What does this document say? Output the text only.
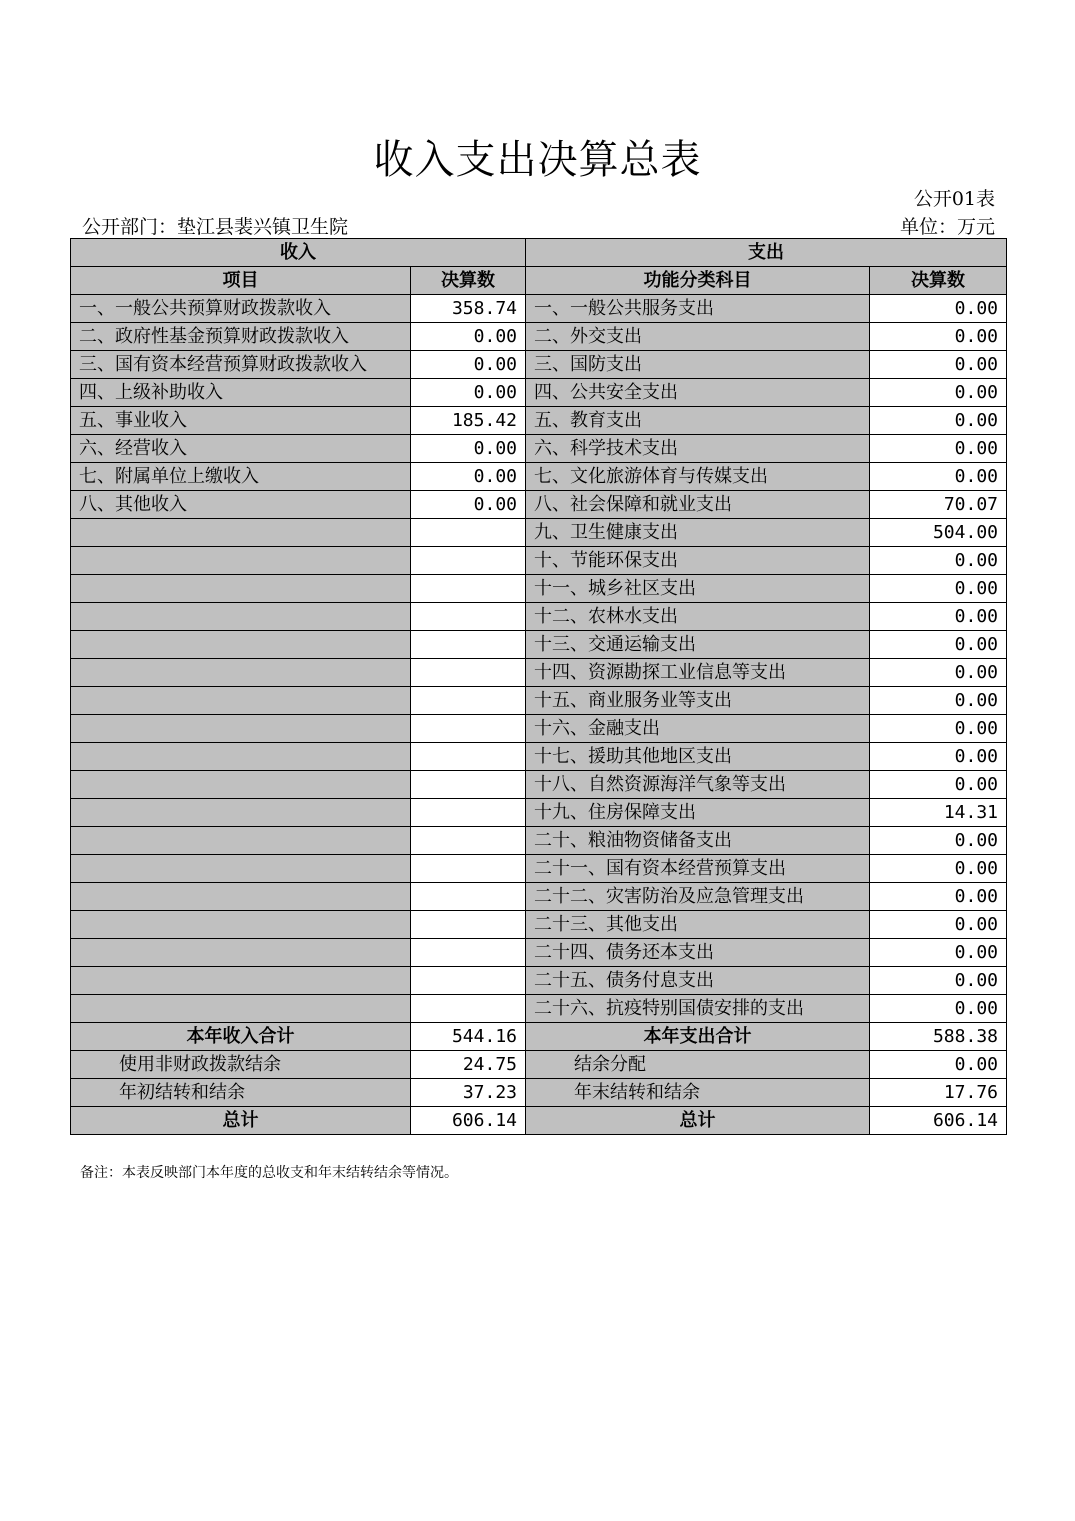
收入支出决算总表
公开01表
公开部门：垫江县裴兴镇卫生院	单位：万元
收入		支出	
项目	决算数	功能分类科目	决算数
一、一般公共预算财政拨款收入	358.74	一、一般公共服务支出	0.00
二、政府性基金预算财政拨款收入	0.00	二、外交支出	0.00
三、国有资本经营预算财政拨款收入	0.00	三、国防支出	0.00
四、上级补助收入	0.00	四、公共安全支出	0.00
五、事业收入	185.42	五、教育支出	0.00
六、经营收入	0.00	六、科学技术支出	0.00
七、附属单位上缴收入	0.00	七、文化旅游体育与传媒支出	0.00
八、其他收入	0.00	八、社会保障和就业支出	70.07
		九、卫生健康支出	504.00
		十、节能环保支出	0.00
		十一、城乡社区支出	0.00
		十二、农林水支出	0.00
		十三、交通运输支出	0.00
		十四、资源勘探工业信息等支出	0.00
		十五、商业服务业等支出	0.00
		十六、金融支出	0.00
		十七、援助其他地区支出	0.00
		十八、自然资源海洋气象等支出	0.00
		十九、住房保障支出	14.31
		二十、粮油物资储备支出	0.00
		二十一、国有资本经营预算支出	0.00
		二十二、灾害防治及应急管理支出	0.00
		二十三、其他支出	0.00
		二十四、债务还本支出	0.00
		二十五、债务付息支出	0.00
		二十六、抗疫特别国债安排的支出	0.00
本年收入合计	544.16	本年支出合计	588.38
使用非财政拨款结余	24.75	结余分配	0.00
年初结转和结余	37.23	年末结转和结余	17.76
总计	606.14	总计	606.14
备注：本表反映部门本年度的总收支和年末结转结余等情况。
